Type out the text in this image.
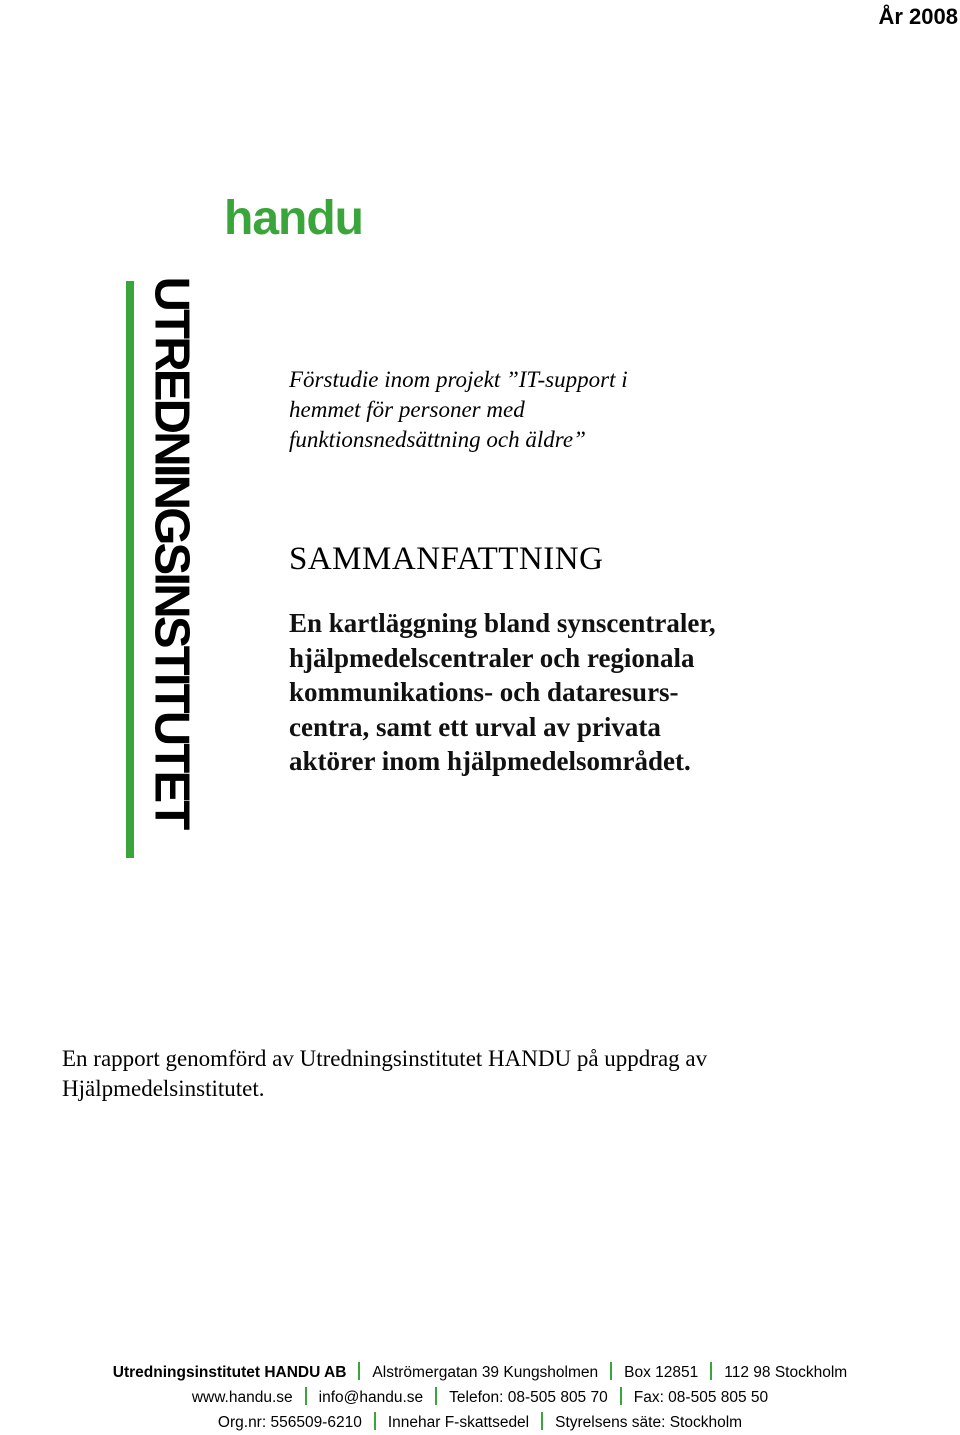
År 2008
handu
UTREDNINGSINSTITUTET	Förstudie inom projekt ”IT-support i
hemmet för personer med
funktionsnedsättning och äldre”
SAMMANFATTNING
En kartläggning bland synscentraler,
hjälpmedelscentraler och regionala
kommunikations- och dataresurs-
centra, samt ett urval av privata
aktörer inom hjälpmedelsområdet.
En rapport genomförd av Utredningsinstitutet HANDU på uppdrag av
Hjälpmedelsinstitutet.
Utredningsinstitutet HANDU AB Alströmergatan 39 Kungsholmen Box 12851 112 98 Stockholm
www.handu.se info@handu.se Telefon: 08-505 805 70 Fax: 08-505 805 50
Org.nr: 556509-6210 Innehar F-skattsedel Styrelsens säte: Stockholm
